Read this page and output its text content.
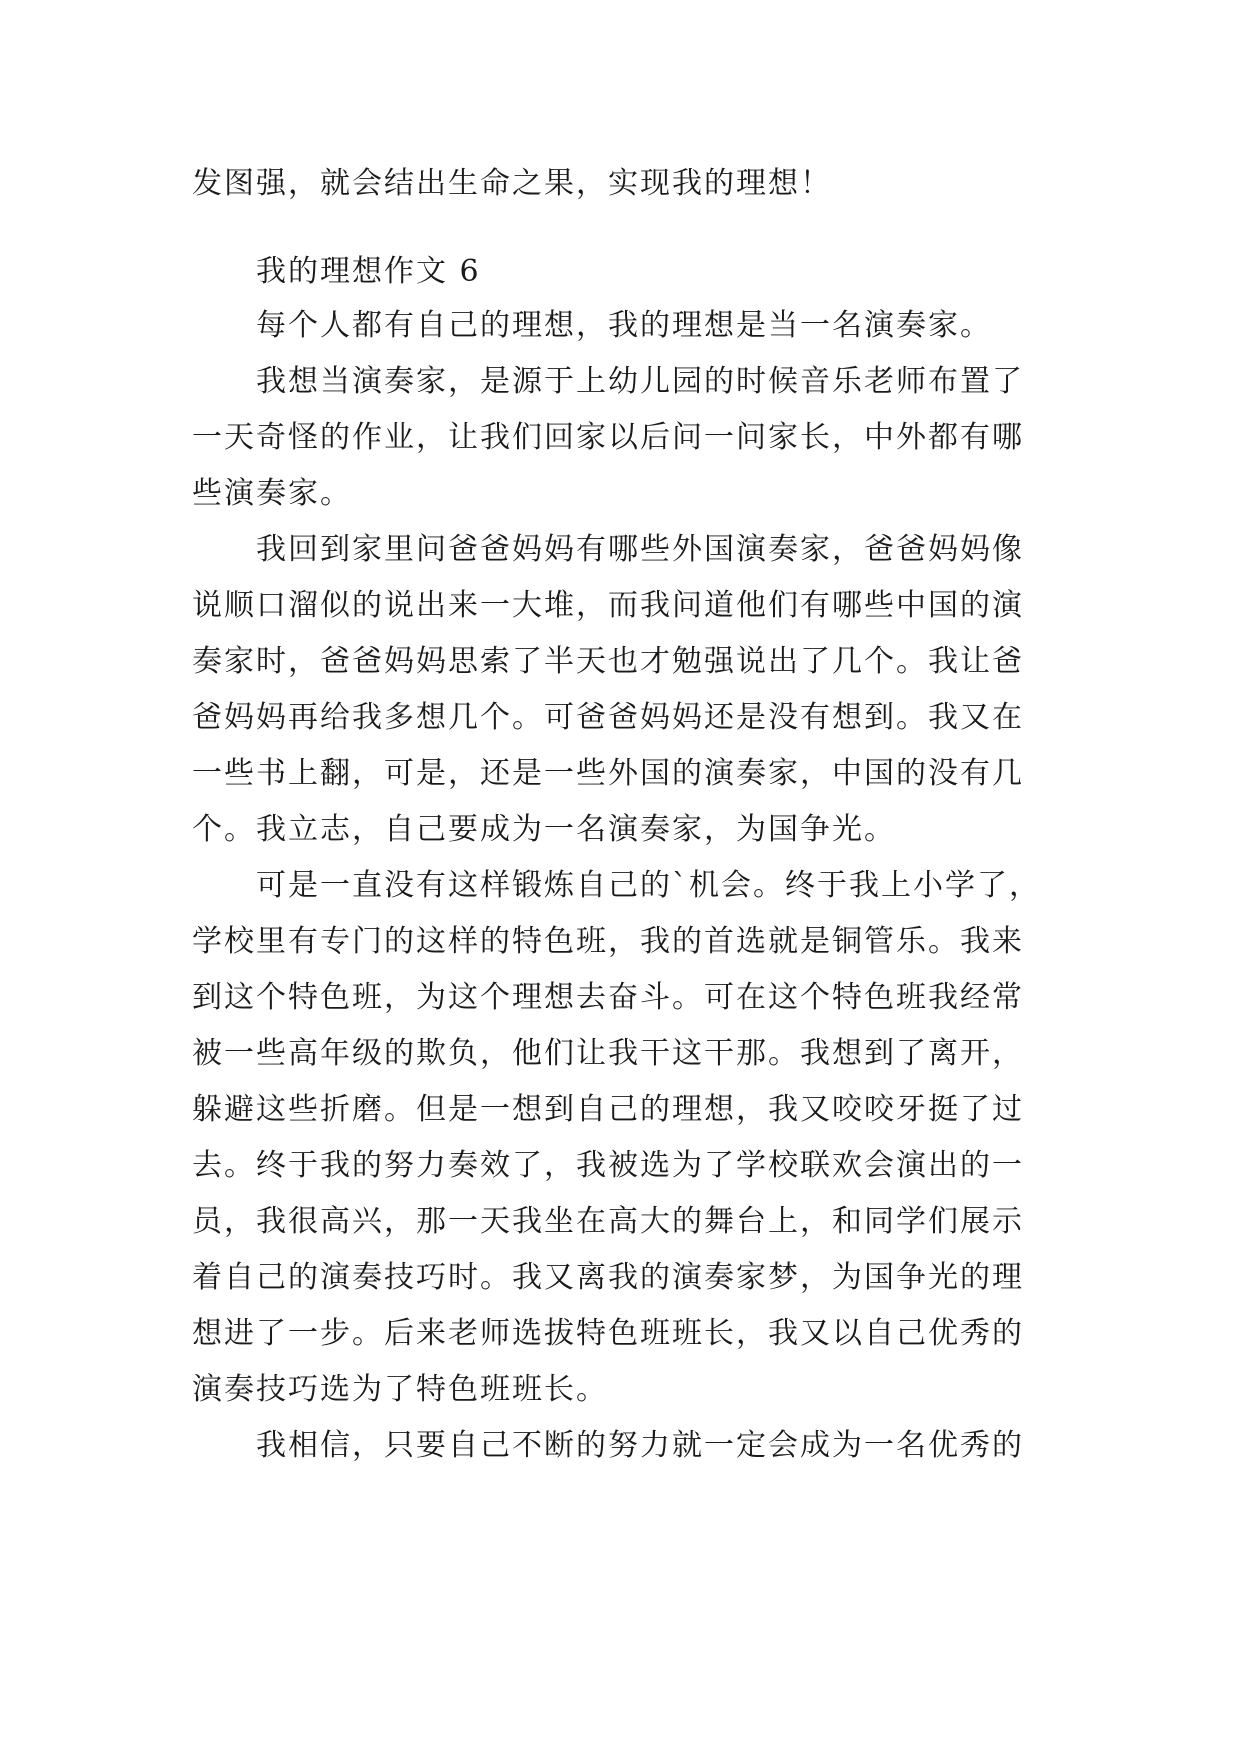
发图强，就会结出生命之果，实现我的理想！
我的理想作文 6
每个人都有自己的理想，我的理想是当一名演奏家。
我想当演奏家，是源于上幼儿园的时候音乐老师布置了
一天奇怪的作业，让我们回家以后问一问家长，中外都有哪
些演奏家。
我回到家里问爸爸妈妈有哪些外国演奏家，爸爸妈妈像
说顺口溜似的说出来一大堆，而我问道他们有哪些中国的演
奏家时，爸爸妈妈思索了半天也才勉强说出了几个。我让爸
爸妈妈再给我多想几个。可爸爸妈妈还是没有想到。我又在
一些书上翻，可是，还是一些外国的演奏家，中国的没有几
个。我立志，自己要成为一名演奏家，为国争光。
可是一直没有这样锻炼自己的`机会。终于我上小学了，
学校里有专门的这样的特色班，我的首选就是铜管乐。我来
到这个特色班，为这个理想去奋斗。可在这个特色班我经常
被一些高年级的欺负，他们让我干这干那。我想到了离开，
躲避这些折磨。但是一想到自己的理想，我又咬咬牙挺了过
去。终于我的努力奏效了，我被选为了学校联欢会演出的一
员，我很高兴，那一天我坐在高大的舞台上，和同学们展示
着自己的演奏技巧时。我又离我的演奏家梦，为国争光的理
想进了一步。后来老师选拔特色班班长，我又以自己优秀的
演奏技巧选为了特色班班长。
我相信，只要自己不断的努力就一定会成为一名优秀的
